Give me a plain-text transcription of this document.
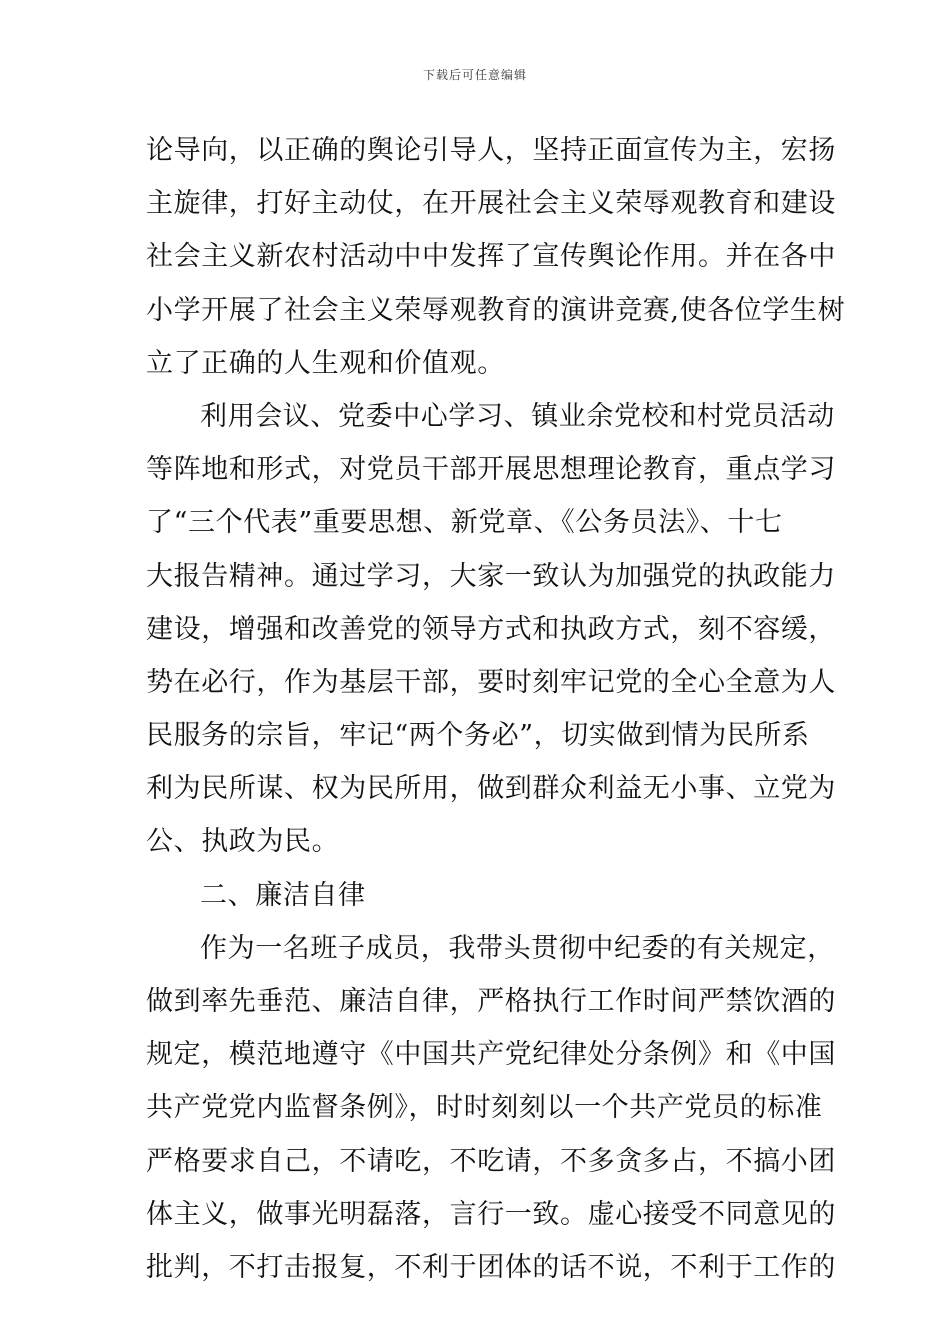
下载后可任意编辑
论导向，以正确的舆论引导人，坚持正面宣传为主，宏扬
主旋律，打好主动仗，在开展社会主义荣辱观教育和建设
社会主义新农村活动中中发挥了宣传舆论作用。并在各中
小学开展了社会主义荣辱观教育的演讲竞赛,使各位学生树
立了正确的人生观和价值观。
利用会议、党委中心学习、镇业余党校和村党员活动
等阵地和形式，对党员干部开展思想理论教育，重点学习
了“三个代表”重要思想、新党章、《公务员法》、十七
大报告精神。通过学习，大家一致认为加强党的执政能力
建设，增强和改善党的领导方式和执政方式，刻不容缓，
势在必行，作为基层干部，要时刻牢记党的全心全意为人
民服务的宗旨，牢记“两个务必”，切实做到情为民所系
利为民所谋、权为民所用，做到群众利益无小事、立党为
公、执政为民。
二、廉洁自律
作为一名班子成员，我带头贯彻中纪委的有关规定，
做到率先垂范、廉洁自律，严格执行工作时间严禁饮酒的
规定，模范地遵守《中国共产党纪律处分条例》和《中国
共产党党内监督条例》，时时刻刻以一个共产党员的标准
严格要求自己，不请吃，不吃请，不多贪多占，不搞小团
体主义，做事光明磊落，言行一致。虚心接受不同意见的
批判，不打击报复，不利于团体的话不说，不利于工作的
